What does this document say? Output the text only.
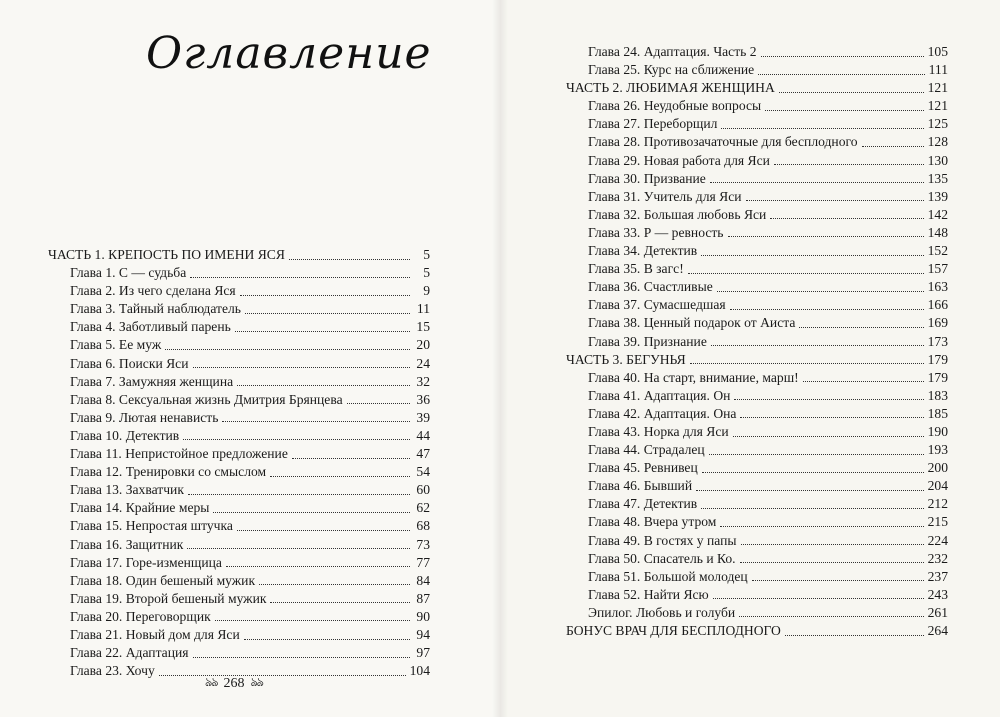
Оглавление
ЧАСТЬ 1. КРЕПОСТЬ ПО ИМЕНИ ЯСЯ	5
Глава 1. С — судьба	5
Глава 2. Из чего сделана Яся	9
Глава 3. Тайный наблюдатель	11
Глава 4. Заботливый парень	15
Глава 5. Ее муж	20
Глава 6. Поиски Яси	24
Глава 7. Замужняя женщина	32
Глава 8. Сексуальная жизнь Дмитрия Брянцева	36
Глава 9. Лютая ненависть	39
Глава 10. Детектив	44
Глава 11. Непристойное предложение	47
Глава 12. Тренировки со смыслом	54
Глава 13. Захватчик	60
Глава 14. Крайние меры	62
Глава 15. Непростая штучка	68
Глава 16. Защитник	73
Глава 17. Горе-изменщица	77
Глава 18. Один бешеный мужик	84
Глава 19. Второй бешеный мужик	87
Глава 20. Переговорщик	90
Глава 21. Новый дом для Яси	94
Глава 22. Адаптация	97
Глава 23. Хочу	104
ঌঌ 268 ঌঌ
Глава 24. Адаптация. Часть 2	105
Глава 25. Курс на сближение	111
ЧАСТЬ 2. ЛЮБИМАЯ ЖЕНЩИНА	121
Глава 26. Неудобные вопросы	121
Глава 27. Переборщил	125
Глава 28. Противозачаточные для бесплодного	128
Глава 29. Новая работа для Яси	130
Глава 30. Призвание	135
Глава 31. Учитель для Яси	139
Глава 32. Большая любовь Яси	142
Глава 33. Р — ревность	148
Глава 34. Детектив	152
Глава 35. В загс!	157
Глава 36. Счастливые	163
Глава 37. Сумасшедшая	166
Глава 38. Ценный подарок от Аиста	169
Глава 39. Признание	173
ЧАСТЬ 3. БЕГУНЬЯ	179
Глава 40. На старт, внимание, марш!	179
Глава 41. Адаптация. Он	183
Глава 42. Адаптация. Она	185
Глава 43. Норка для Яси	190
Глава 44. Страдалец	193
Глава 45. Ревнивец	200
Глава 46. Бывший	204
Глава 47. Детектив	212
Глава 48. Вчера утром	215
Глава 49. В гостях у папы	224
Глава 50. Спасатель и Ко.	232
Глава 51. Большой молодец	237
Глава 52. Найти Ясю	243
Эпилог. Любовь и голуби	261
БОНУС ВРАЧ ДЛЯ БЕСПЛОДНОГО	264
